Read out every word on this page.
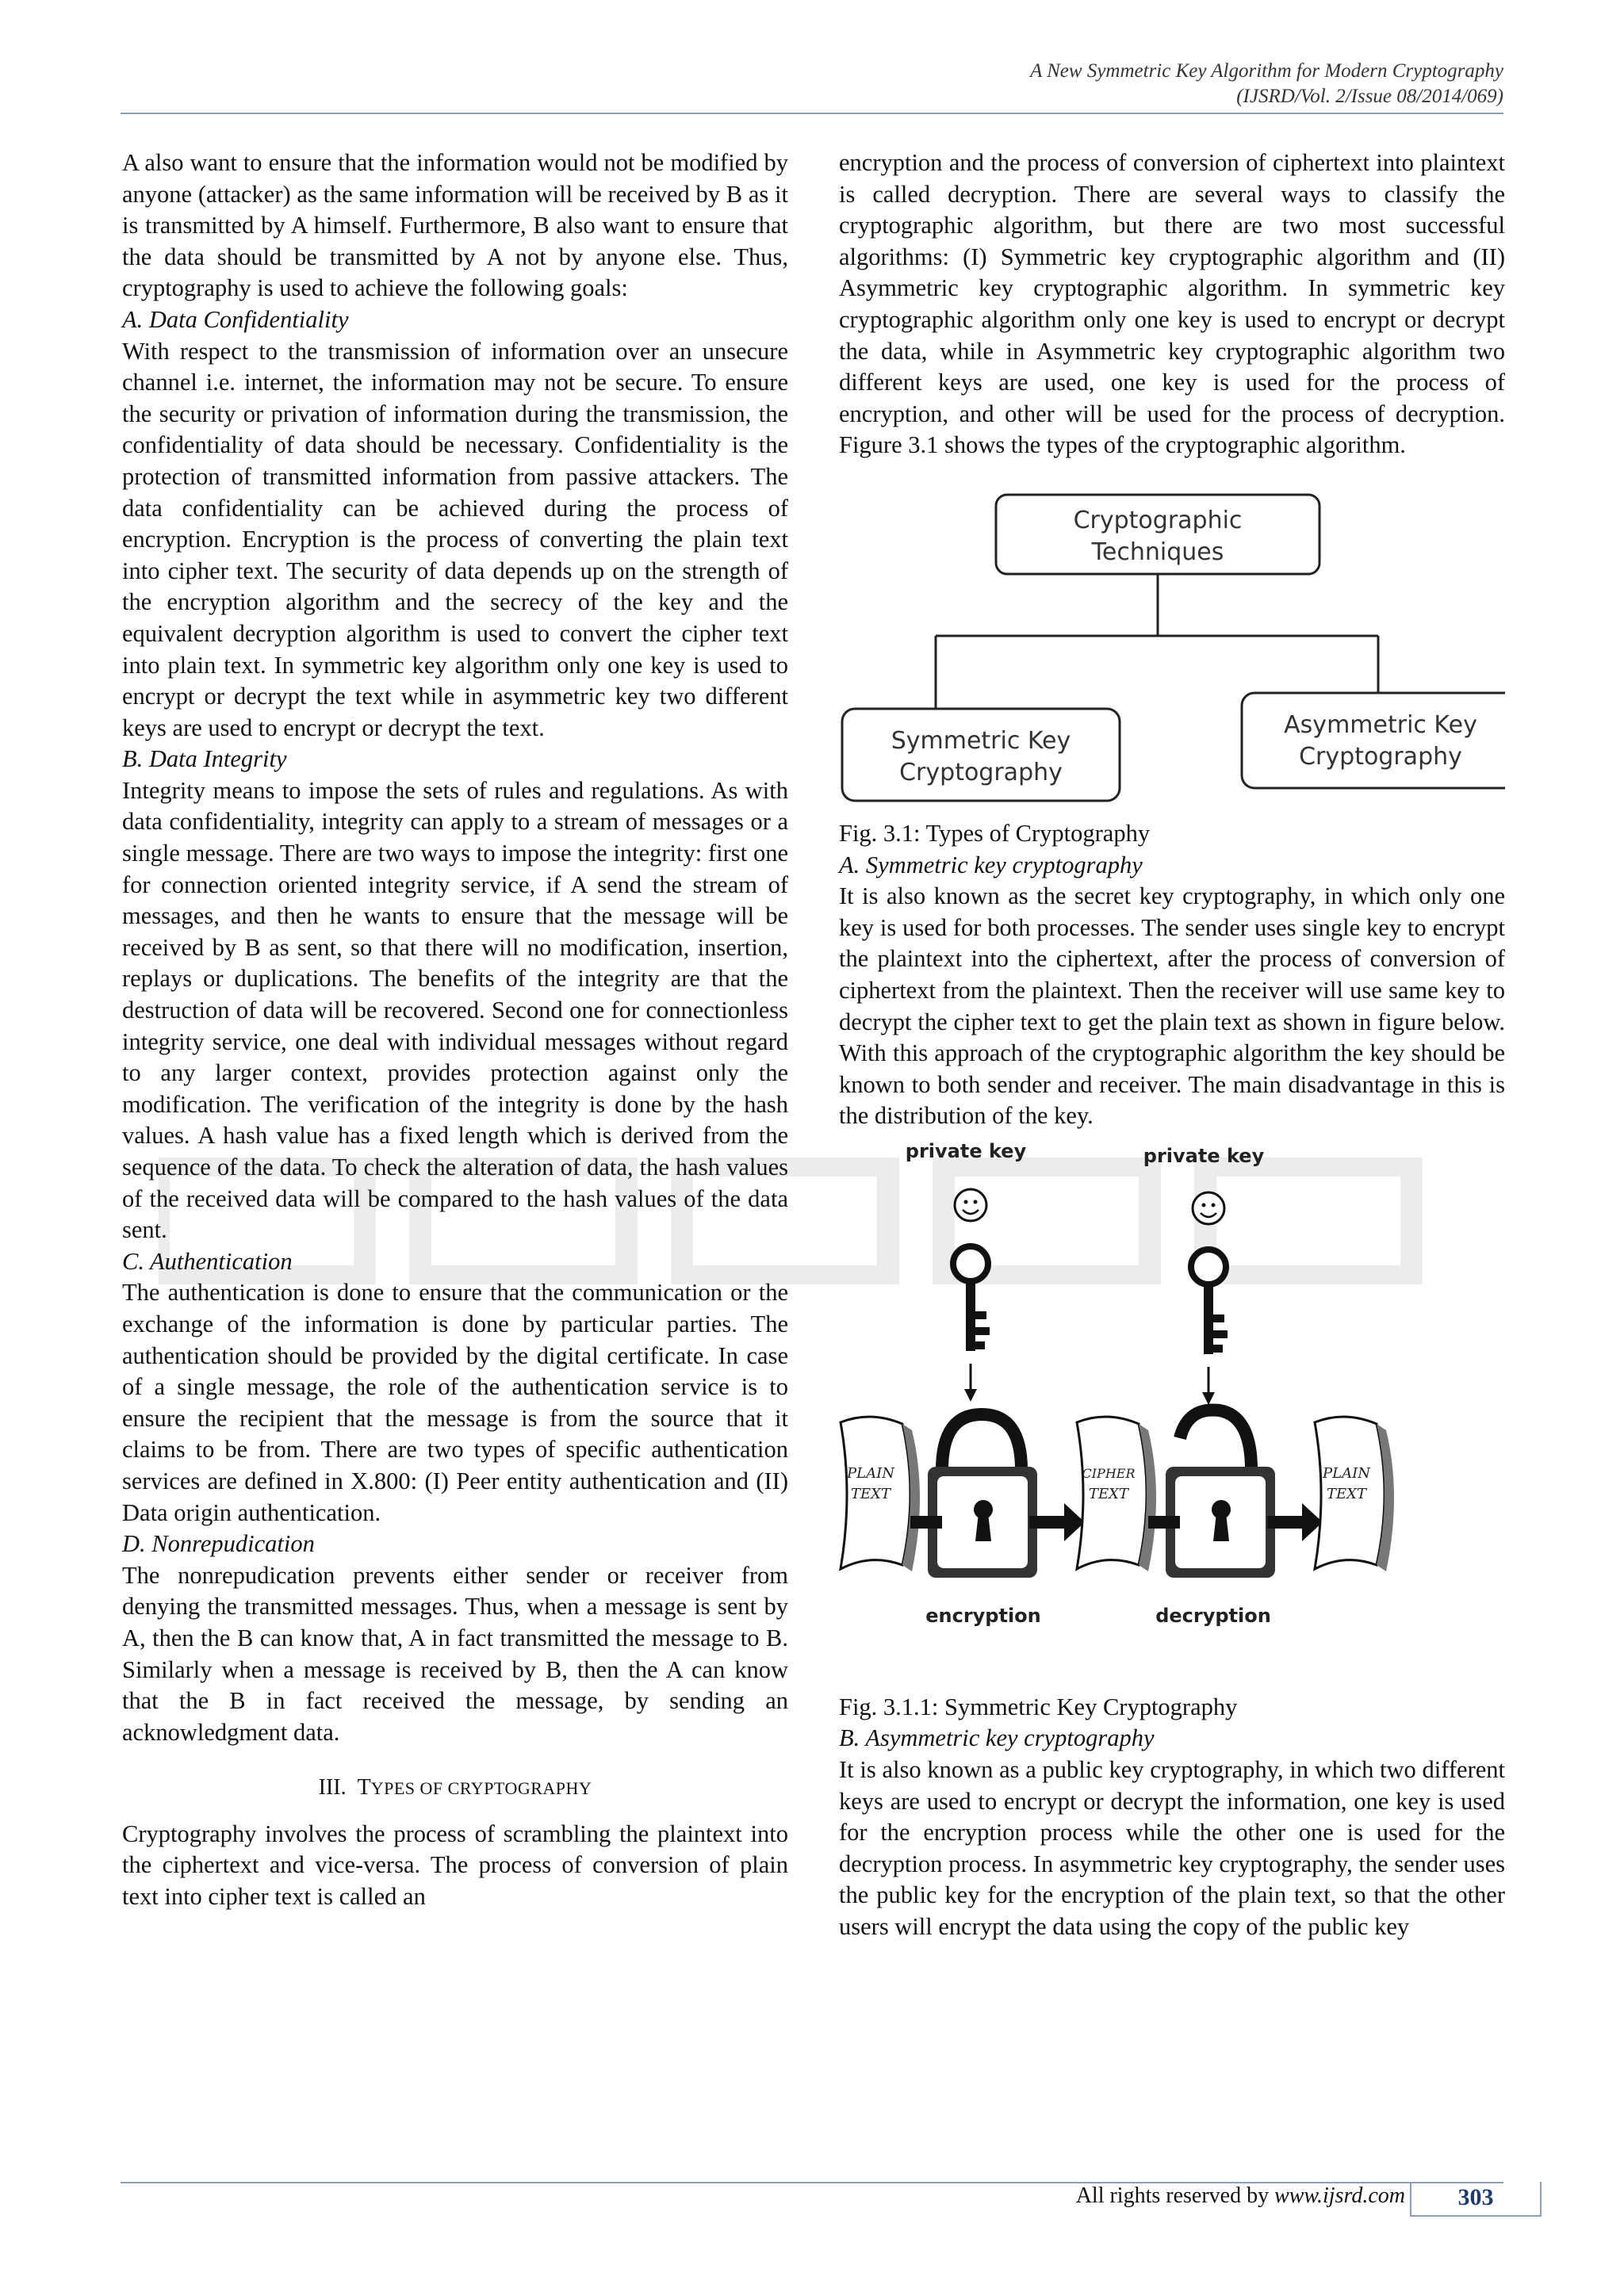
A New Symmetric Key Algorithm for Modern Cryptography
(IJSRD/Vol. 2/Issue 08/2014/069)

A also want to ensure that the information would not be modified by anyone (attacker) as the same information will be received by B as it is transmitted by A himself. Furthermore, B also want to ensure that the data should be transmitted by A not by anyone else. Thus, cryptography is used to achieve the following goals:

A. Data Confidentiality

With respect to the transmission of information over an unsecure channel i.e. internet, the information may not be secure. To ensure the security or privation of information during the transmission, the confidentiality of data should be necessary. Confidentiality is the protection of transmitted information from passive attackers. The data confidentiality can be achieved during the process of encryption. Encryption is the process of converting the plain text into cipher text. The security of data depends up on the strength of the encryption algorithm and the secrecy of the key and the equivalent decryption algorithm is used to convert the cipher text into plain text. In symmetric key algorithm only one key is used to encrypt or decrypt the text while in asymmetric key two different keys are used to encrypt or decrypt the text.

B. Data Integrity

Integrity means to impose the sets of rules and regulations. As with data confidentiality, integrity can apply to a stream of messages or a single message. There are two ways to impose the integrity: first one for connection oriented integrity service, if A send the stream of messages, and then he wants to ensure that the message will be received by B as sent, so that there will no modification, insertion, replays or duplications. The benefits of the integrity are that the destruction of data will be recovered. Second one for connectionless integrity service, one deal with individual messages without regard to any larger context, provides protection against only the modification. The verification of the integrity is done by the hash values. A hash value has a fixed length which is derived from the sequence of the data. To check the alteration of data, the hash values of the received data will be compared to the hash values of the data sent.

C. Authentication

The authentication is done to ensure that the communication or the exchange of the information is done by particular parties. The authentication should be provided by the digital certificate. In case of a single message, the role of the authentication service is to ensure the recipient that the message is from the source that it claims to be from. There are two types of specific authentication services are defined in X.800: (I) Peer entity authentication and (II) Data origin authentication.

D. Nonrepudication

The nonrepudication prevents either sender or receiver from denying the transmitted messages. Thus, when a message is sent by A, then the B can know that, A in fact transmitted the message to B. Similarly when a message is received by B, then the A can know that the B in fact received the message, by sending an acknowledgment data.

III. TYPES OF CRYPTOGRAPHY

Cryptography involves the process of scrambling the plaintext into the ciphertext and vice-versa. The process of conversion of plain text into cipher text is called an

encryption and the process of conversion of ciphertext into plaintext is called decryption. There are several ways to classify the cryptographic algorithm, but there are two most successful algorithms: (I) Symmetric key cryptographic algorithm and (II) Asymmetric key cryptographic algorithm. In symmetric key cryptographic algorithm only one key is used to encrypt or decrypt the data, while in Asymmetric key cryptographic algorithm two different keys are used, one key is used for the process of encryption, and other will be used for the process of decryption. Figure 3.1 shows the types of the cryptographic algorithm.

Cryptographic
Techniques
Symmetric Key
Cryptography
Asymmetric Key
Cryptography

Fig. 3.1: Types of Cryptography

A. Symmetric key cryptography

It is also known as the secret key cryptography, in which only one key is used for both processes. The sender uses single key to encrypt the plaintext into the ciphertext, after the process of conversion of ciphertext from the plaintext. Then the receiver will use same key to decrypt the cipher text to get the plain text as shown in figure below. With this approach of the cryptographic algorithm the key should be known to both sender and receiver. The main disadvantage in this is the distribution of the key.

private key	private key
PLAIN
TEXT
CIPHER
TEXT
PLAIN
TEXT
encryption	decryption

Fig. 3.1.1: Symmetric Key Cryptography

B. Asymmetric key cryptography

It is also known as a public key cryptography, in which two different keys are used to encrypt or decrypt the information, one key is used for the encryption process while the other one is used for the decryption process. In asymmetric key cryptography, the sender uses the public key for the encryption of the plain text, so that the other users will encrypt the data using the copy of the public key

All rights reserved by www.ijsrd.com	303
